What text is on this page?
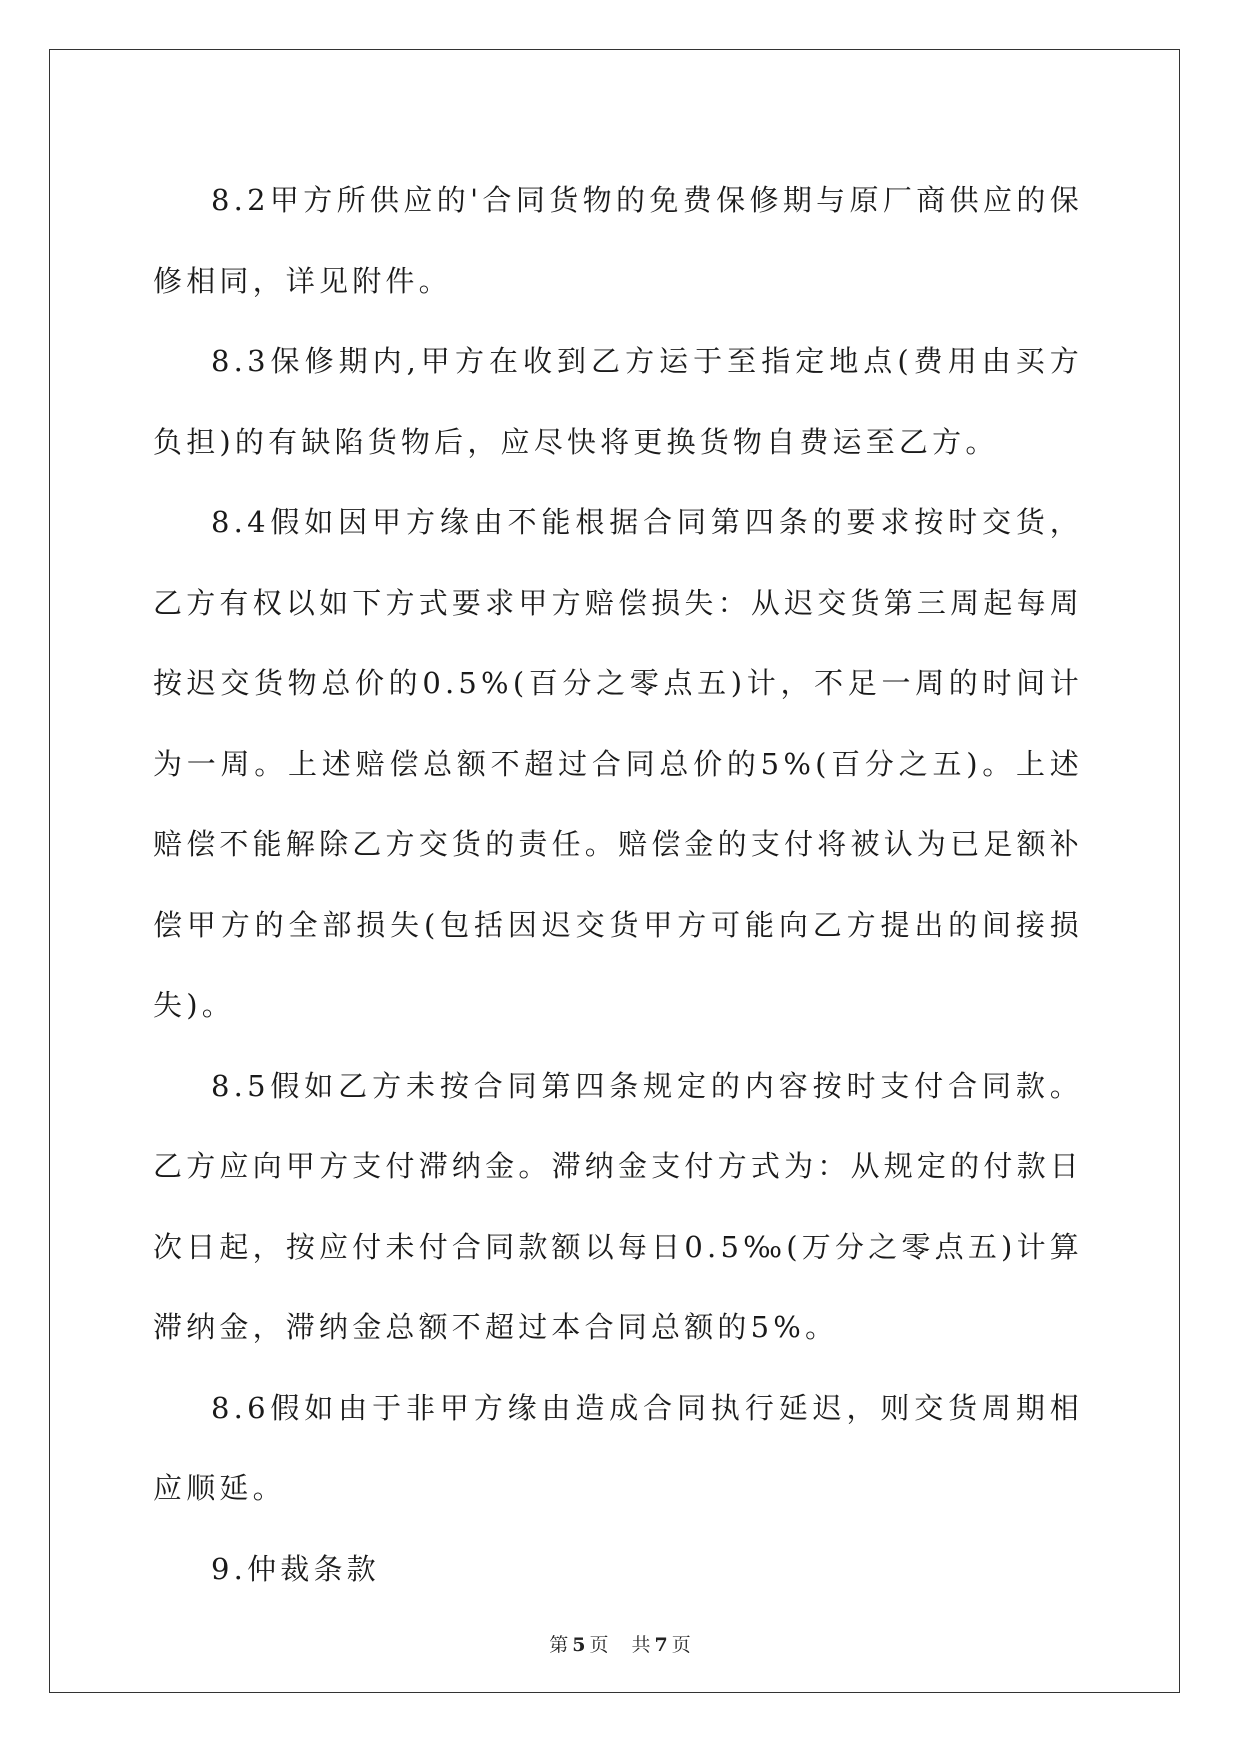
8.2甲方所供应的'合同货物的免费保修期与原厂商供应的保修相同，详见附件。

8.3保修期内,甲方在收到乙方运于至指定地点(费用由买方负担)的有缺陷货物后，应尽快将更换货物自费运至乙方。

8.4假如因甲方缘由不能根据合同第四条的要求按时交货，乙方有权以如下方式要求甲方赔偿损失：从迟交货第三周起每周按迟交货物总价的0.5%(百分之零点五)计，不足一周的时间计为一周。上述赔偿总额不超过合同总价的5%(百分之五)。上述赔偿不能解除乙方交货的责任。赔偿金的支付将被认为已足额补偿甲方的全部损失(包括因迟交货甲方可能向乙方提出的间接损失)。

8.5假如乙方未按合同第四条规定的内容按时支付合同款。乙方应向甲方支付滞纳金。滞纳金支付方式为：从规定的付款日次日起，按应付未付合同款额以每日0.5‰(万分之零点五)计算滞纳金，滞纳金总额不超过本合同总额的5%。

8.6假如由于非甲方缘由造成合同执行延迟，则交货周期相应顺延。

9.仲裁条款

第 5 页 共 7 页
